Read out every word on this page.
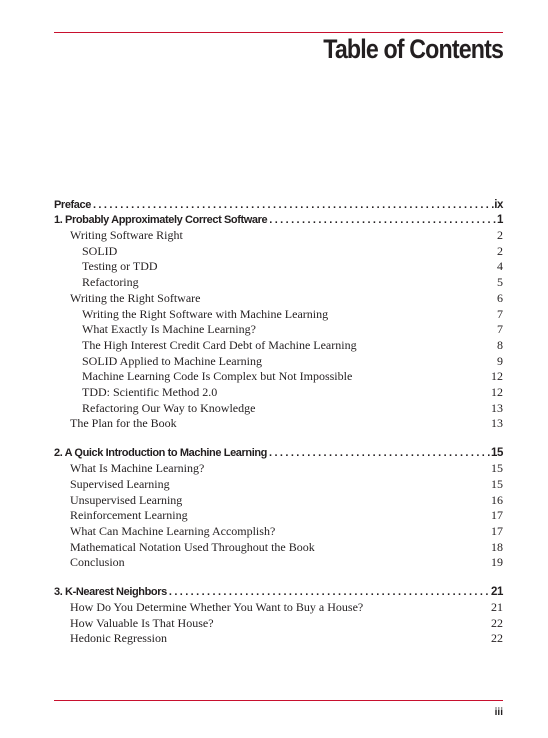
Table of Contents
Preface .....	ix
1. Probably Approximately Correct Software .....	1
Writing Software Right	2
SOLID	2
Testing or TDD	4
Refactoring	5
Writing the Right Software	6
Writing the Right Software with Machine Learning	7
What Exactly Is Machine Learning?	7
The High Interest Credit Card Debt of Machine Learning	8
SOLID Applied to Machine Learning	9
Machine Learning Code Is Complex but Not Impossible	12
TDD: Scientific Method 2.0	12
Refactoring Our Way to Knowledge	13
The Plan for the Book	13
2. A Quick Introduction to Machine Learning .....	15
What Is Machine Learning?	15
Supervised Learning	15
Unsupervised Learning	16
Reinforcement Learning	17
What Can Machine Learning Accomplish?	17
Mathematical Notation Used Throughout the Book	18
Conclusion	19
3. K-Nearest Neighbors .....	21
How Do You Determine Whether You Want to Buy a House?	21
How Valuable Is That House?	22
Hedonic Regression	22
iii
